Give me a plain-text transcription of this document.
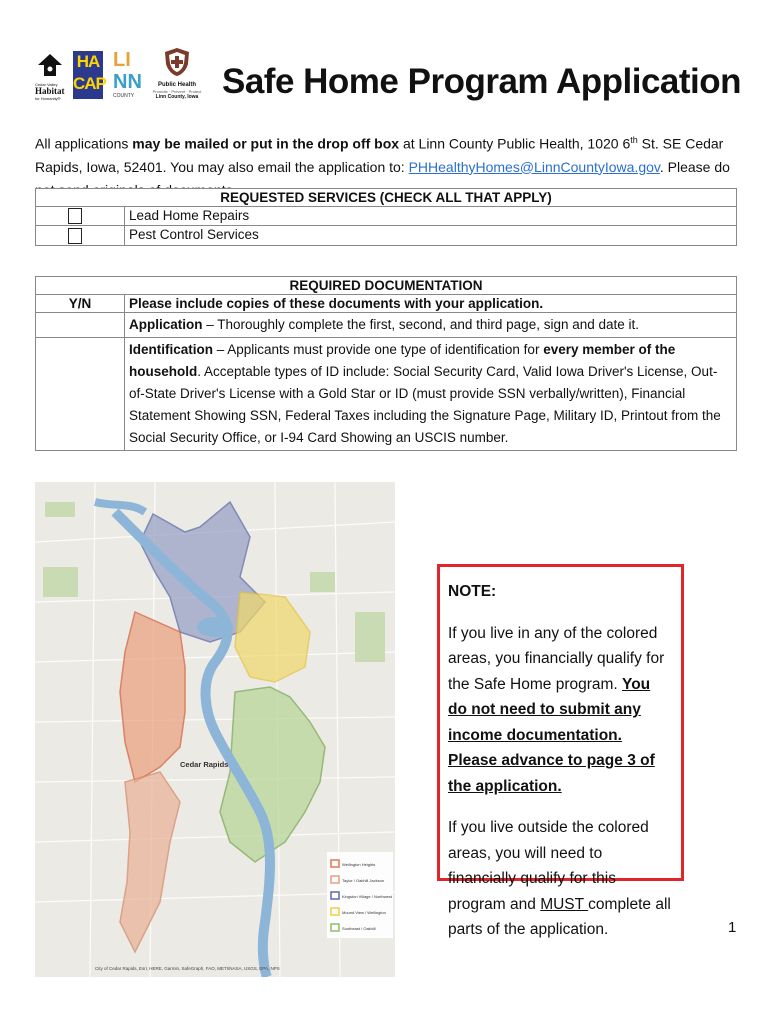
Cedar Valley
Habitat
for Humanity®
HA
CAP
LI
NN
COUNTY
Public Health
Promote · Prevent · Protect
Linn County, Iowa Safe Home Program Application
All applications may be mailed or put in the drop off box at Linn County Public Health, 1020 6th St. SE Cedar Rapids, Iowa, 52401. You may also email the application to: PHHealthyHomes@LinnCountyIowa.gov. Please do
REQUESTED SERVICES (CHECK ALL THAT APPLY)	
	Lead Home Repairs
	Pest Control Services
REQUIRED DOCUMENTATION	
Y/N	Please include copies of these documents with your application.
	Application – Thoroughly complete the first, second, and third page, sign and date it.
	Identification – Applicants must provide one type of identification for every member of the household. Acceptable types of ID include: Social Security Card, Valid Iowa Driver's License, Out-of-State Driver's License with a Gold Star or ID (must provide SSN verbally/written), Financial Statement Showing SSN, Federal Taxes including the Signature Page, Military ID, Printout from the Social Security Office, or I-94 Card Showing an USCIS number.
Cedar Rapids
Wellington Heights
Taylor / Oakhill Jackson
Kingston Village / Northwest
Mound View / Wellington
Southeast / Oakhill
City of Cedar Rapids, Esri, HERE, Garmin, SafeGraph, FAO, METI/NASA, USGS, EPA, NPS
NOTE:

If you live in any of the colored areas, you financially qualify for the Safe Home program. You do not need to submit any income documentation. Please advance to page 3 of the application.

If you live outside the colored areas, you will need to financially qualify for this program and MUST complete all parts of the application.	1
